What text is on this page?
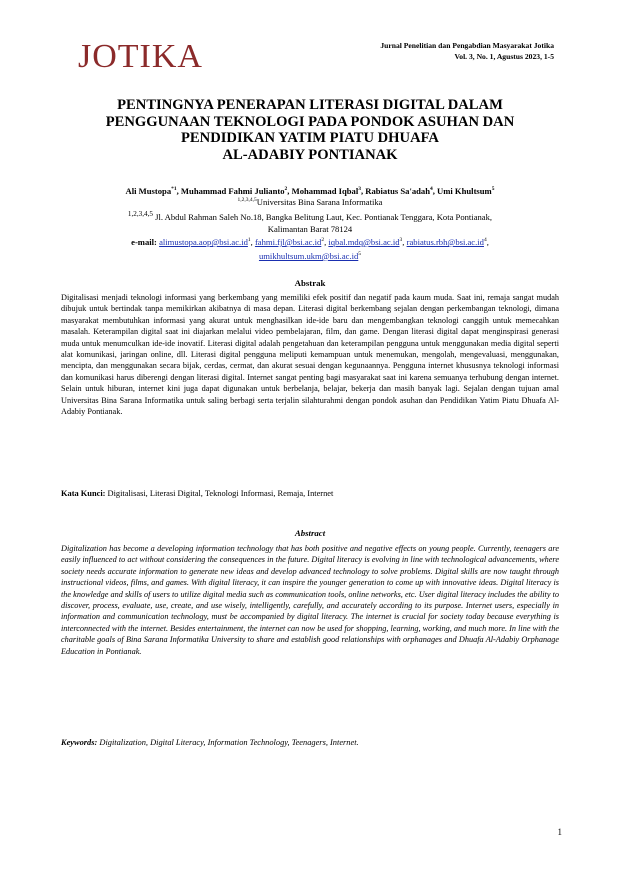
JOTIKA	Jurnal Penelitian dan Pengabdian Masyarakat Jotika
Vol. 3, No. 1, Agustus 2023, 1-5
PENTINGNYA PENERAPAN LITERASI DIGITAL DALAM
PENGGUNAAN TEKNOLOGI PADA PONDOK ASUHAN DAN
PENDIDIKAN YATIM PIATU DHUAFA
AL-ADABIY PONTIANAK

Ali Mustopa$^{*1}$, Muhammad Fahmi Julianto$^2$, Mohammad Iqbal$^3$, Rabiatus Sa'adah$^4$, Umi Khultsum$^5$

$^{1,2,3,4,5}$Universitas Bina Sarana Informatika

$^{1,2,3,4,5}$ Jl. Abdul Rahman Saleh No.18, Bangka Belitung Laut, Kec. Pontianak Tenggara, Kota Pontianak,
Kalimantan Barat 78124

e-mail: $alimustopa.aop@bsi.ac.id^1$, $fahmi.fjl@bsi.ac.id^2$, $iqbal.mdq@bsi.ac.id^3$, $rabiatus.rbh@bsi.ac.id^4$,
$umikhultsum.ukm@bsi.ac.id^5$

Abstrak

Digitalisasi menjadi teknologi informasi yang berkembang yang memiliki efek positif dan negatif pada kaum muda. Saat ini, remaja sangat mudah dibujuk untuk bertindak tanpa memikirkan akibatnya di masa depan. Literasi digital berkembang sejalan dengan perkembangan teknologi, dimana masyarakat membutuhkan informasi yang akurat untuk menghasilkan ide-ide baru dan mengembangkan teknologi canggih untuk memecahkan masalah. Keterampilan digital saat ini diajarkan melalui video pembelajaran, film, dan game. Dengan literasi digital dapat menginspirasi generasi muda untuk menumculkan ide-ide inovatif. Literasi digital adalah pengetahuan dan keterampilan pengguna untuk menggunakan media digital seperti alat komunikasi, jaringan online, dll. Literasi digital pengguna meliputi kemampuan untuk menemukan, mengolah, mengevaluasi, menggunakan, mencipta, dan menggunakan secara bijak, cerdas, cermat, dan akurat sesuai dengan kegunaannya. Pengguna internet khususnya teknologi informasi dan komunikasi harus diberengi dengan literasi digital. Internet sangat penting bagi masyarakat saat ini karena semuanya terhubung dengan internet. Selain untuk hiburan, internet kini juga dapat digunakan untuk berbelanja, belajar, bekerja dan masih banyak lagi. Sejalan dengan tujuan amal Universitas Bina Sarana Informatika untuk saling berbagi serta terjalin silahturahmi dengan pondok asuhan dan Pendidikan Yatim Piatu Dhuafa Al-Adabiy Pontianak.

Kata Kunci: Digitalisasi, Literasi Digital, Teknologi Informasi, Remaja, Internet

Abstract

Digitalization has become a developing information technology that has both positive and negative effects on young people. Currently, teenagers are easily influenced to act without considering the consequences in the future. Digital literacy is evolving in line with technological advancements, where society needs accurate information to generate new ideas and develop advanced technology to solve problems. Digital skills are now taught through instructional videos, films, and games. With digital literacy, it can inspire the younger generation to come up with innovative ideas. Digital literacy is the knowledge and skills of users to utilize digital media such as communication tools, online networks, etc. User digital literacy includes the ability to discover, process, evaluate, use, create, and use wisely, intelligently, carefully, and accurately according to its purpose. Internet users, especially in information and communication technology, must be accompanied by digital literacy. The internet is crucial for society today because everything is interconnected with the internet. Besides entertainment, the internet can now be used for shopping, learning, working, and much more. In line with the charitable goals of Bina Sarana Informatika University to share and establish good relationships with orphanages and Dhuafa Al-Adabiy Orphanage Education in Pontianak.

Keywords: Digitalization, Digital Literacy, Information Technology, Teenagers, Internet.

1
